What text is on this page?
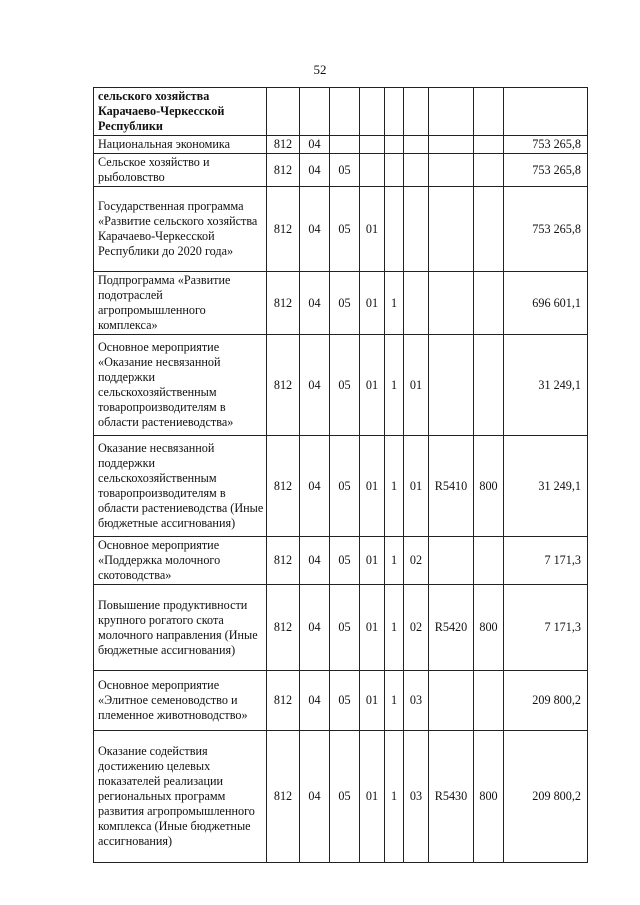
52
сельского хозяйства Карачаево-Черкесской Республики									
Национальная экономика	812	04							753 265,8
Сельское хозяйство и рыболовство	812	04	05						753 265,8
Государственная программа «Развитие сельского хозяйства Карачаево-Черкесской Республики до 2020 года»	812	04	05	01					753 265,8
Подпрограмма «Развитие подотраслей агропромышленного комплекса»	812	04	05	01	1				696 601,1
Основное мероприятие «Оказание несвязанной поддержки сельскохозяйственным товаропроизводителям в области растениеводства»	812	04	05	01	1	01			31 249,1
Оказание несвязанной поддержки сельскохозяйственным товаропроизводителям в области растениеводства (Иные бюджетные ассигнования)	812	04	05	01	1	01	R5410	800	31 249,1
Основное мероприятие «Поддержка молочного скотоводства»	812	04	05	01	1	02			7 171,3
Повышение продуктивности крупного рогатого скота молочного направления (Иные бюджетные ассигнования)	812	04	05	01	1	02	R5420	800	7 171,3
Основное мероприятие «Элитное семеноводство и племенное животноводство»	812	04	05	01	1	03			209 800,2
Оказание содействия достижению целевых показателей реализации региональных программ развития агропромышленного комплекса (Иные бюджетные ассигнования)	812	04	05	01	1	03	R5430	800	209 800,2
